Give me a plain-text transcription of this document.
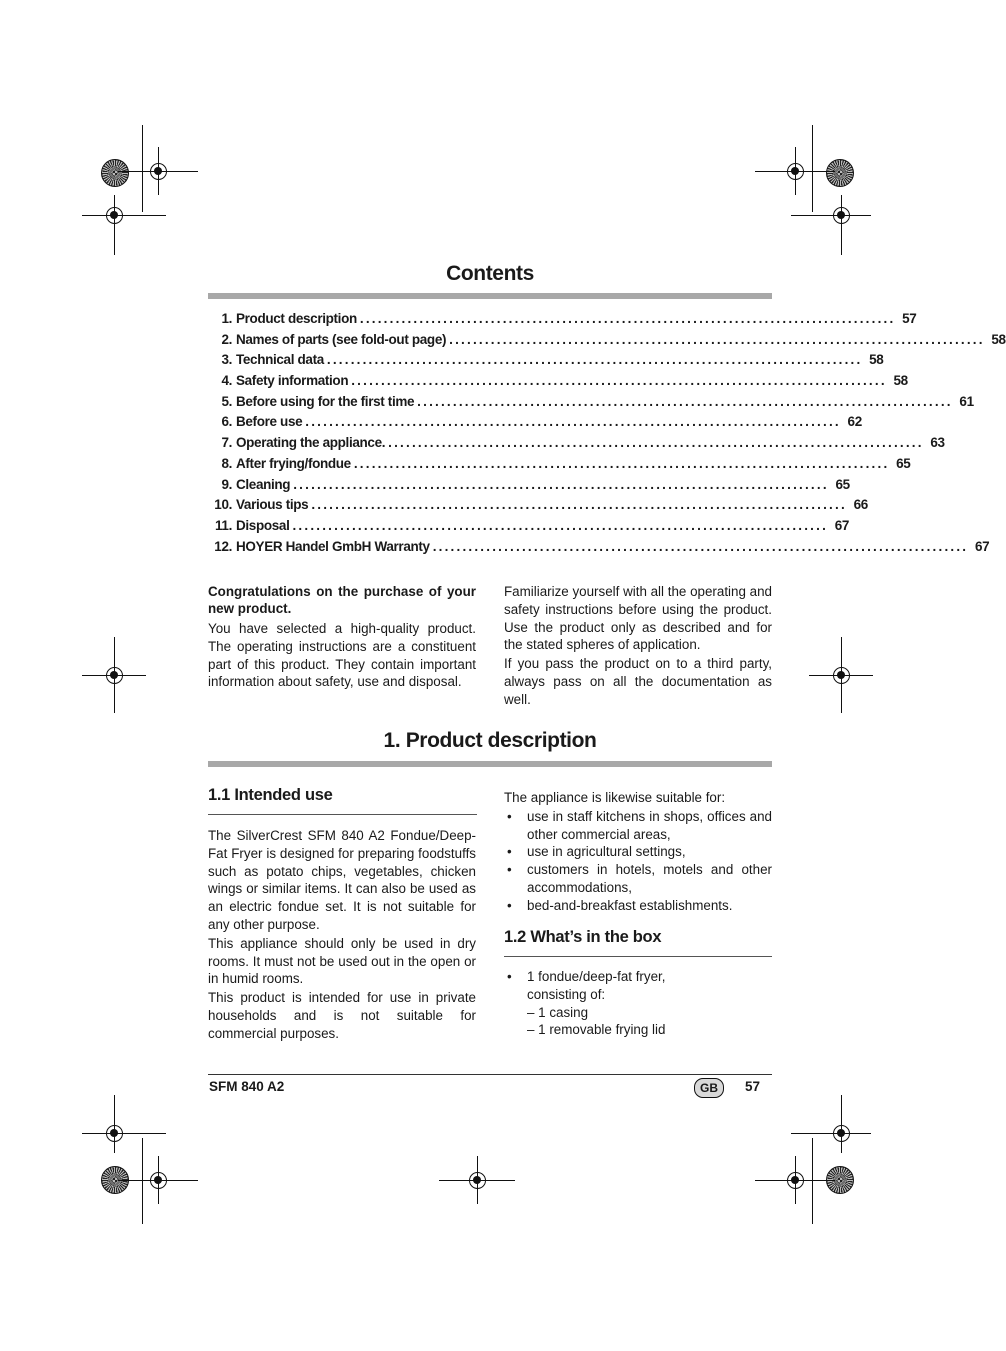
Contents
1. Product description .......................................................................................... 57
2. Names of parts (see fold-out page) .......................................................................................... 58
3. Technical data .......................................................................................... 58
4. Safety information .......................................................................................... 58
5. Before using for the first time .......................................................................................... 61
6. Before use .......................................................................................... 62
7. Operating the appliance. .......................................................................................... 63
8. After frying/fondue .......................................................................................... 65
9. Cleaning .......................................................................................... 65
10. Various tips .......................................................................................... 66
11. Disposal .......................................................................................... 67
12. HOYER Handel GmbH Warranty .......................................................................................... 67

Congratulations on the purchase of your new product.

You have selected a high-quality product. The operating instructions are a constituent part of this product. They contain important information about safety, use and disposal.

Familiarize yourself with all the operating and safety instructions before using the product. Use the product only as described and for the stated spheres of application.

If you pass the product on to a third party, always pass on all the documentation as well.

1. Product description
1.1 Intended use

The SilverCrest SFM 840 A2 Fondue/Deep-Fat Fryer is designed for preparing foodstuffs such as potato chips, vegetables, chicken wings or similar items. It can also be used as an electric fondue set. It is not suitable for any other purpose.

This appliance should only be used in dry rooms. It must not be used out in the open or in humid rooms.

This product is intended for use in private households and is not suitable for commercial purposes.

The appliance is likewise suitable for:

• use in staff kitchens in shops, offices and other commercial areas,
• use in agricultural settings,
• customers in hotels, motels and other accommodations,
• bed-and-breakfast establishments.
1.2 What’s in the box
• 1 fondue/deep-fat fryer,
consisting of:
– 1 casing
– 1 removable frying lid
SFM 840 A2	GB	57
